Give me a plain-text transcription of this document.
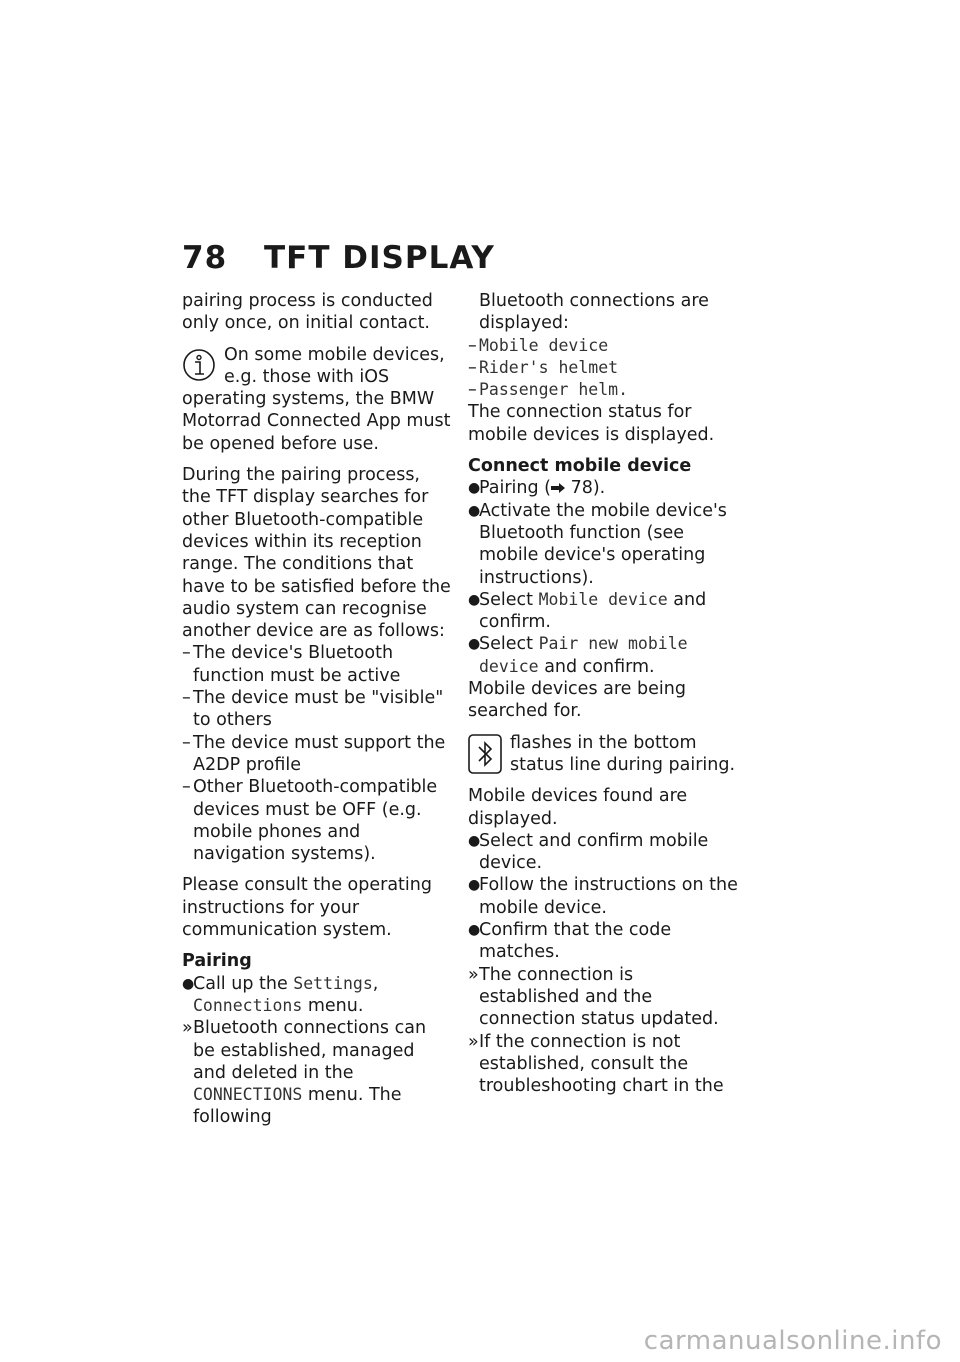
78 TFT DISPLAY

pairing process is conducted only once, on initial contact.

On some mobile devices, e.g. those with iOS operating systems, the BMW Motorrad Connected App must be opened before use.

During the pairing process, the TFT display searches for other Bluetooth-compatible devices within its reception range. The conditions that have to be satisfied before the audio system can recognise another device are as follows:

– The device's Bluetooth function must be active
– The device must be "visible" to others
– The device must support the A2DP profile
– Other Bluetooth-compatible devices must be OFF (e.g. mobile phones and navigation systems).

Please consult the operating instructions for your communication system.

Pairing

●
Call up the Settings, Connections menu.
» Bluetooth connections can be established, managed and deleted in the CONNECTIONS menu. The following

Bluetooth connections are displayed:

– Mobile device
– Rider's helmet
– Passenger helm.

The connection status for mobile devices is displayed.

Connect mobile device

●
Pairing ( 78).
●
Activate the mobile device's Bluetooth function (see mobile device's operating instructions).
●
Select Mobile device and confirm.
●
Select Pair new mobile device and confirm.

Mobile devices are being searched for.

flashes in the bottom status line during pairing.

Mobile devices found are displayed.

●
Select and confirm mobile device.
●
Follow the instructions on the mobile device.
●
Confirm that the code matches.
» The connection is established and the connection status updated.
» If the connection is not established, consult the troubleshooting chart in the
carmanualsonline.info
